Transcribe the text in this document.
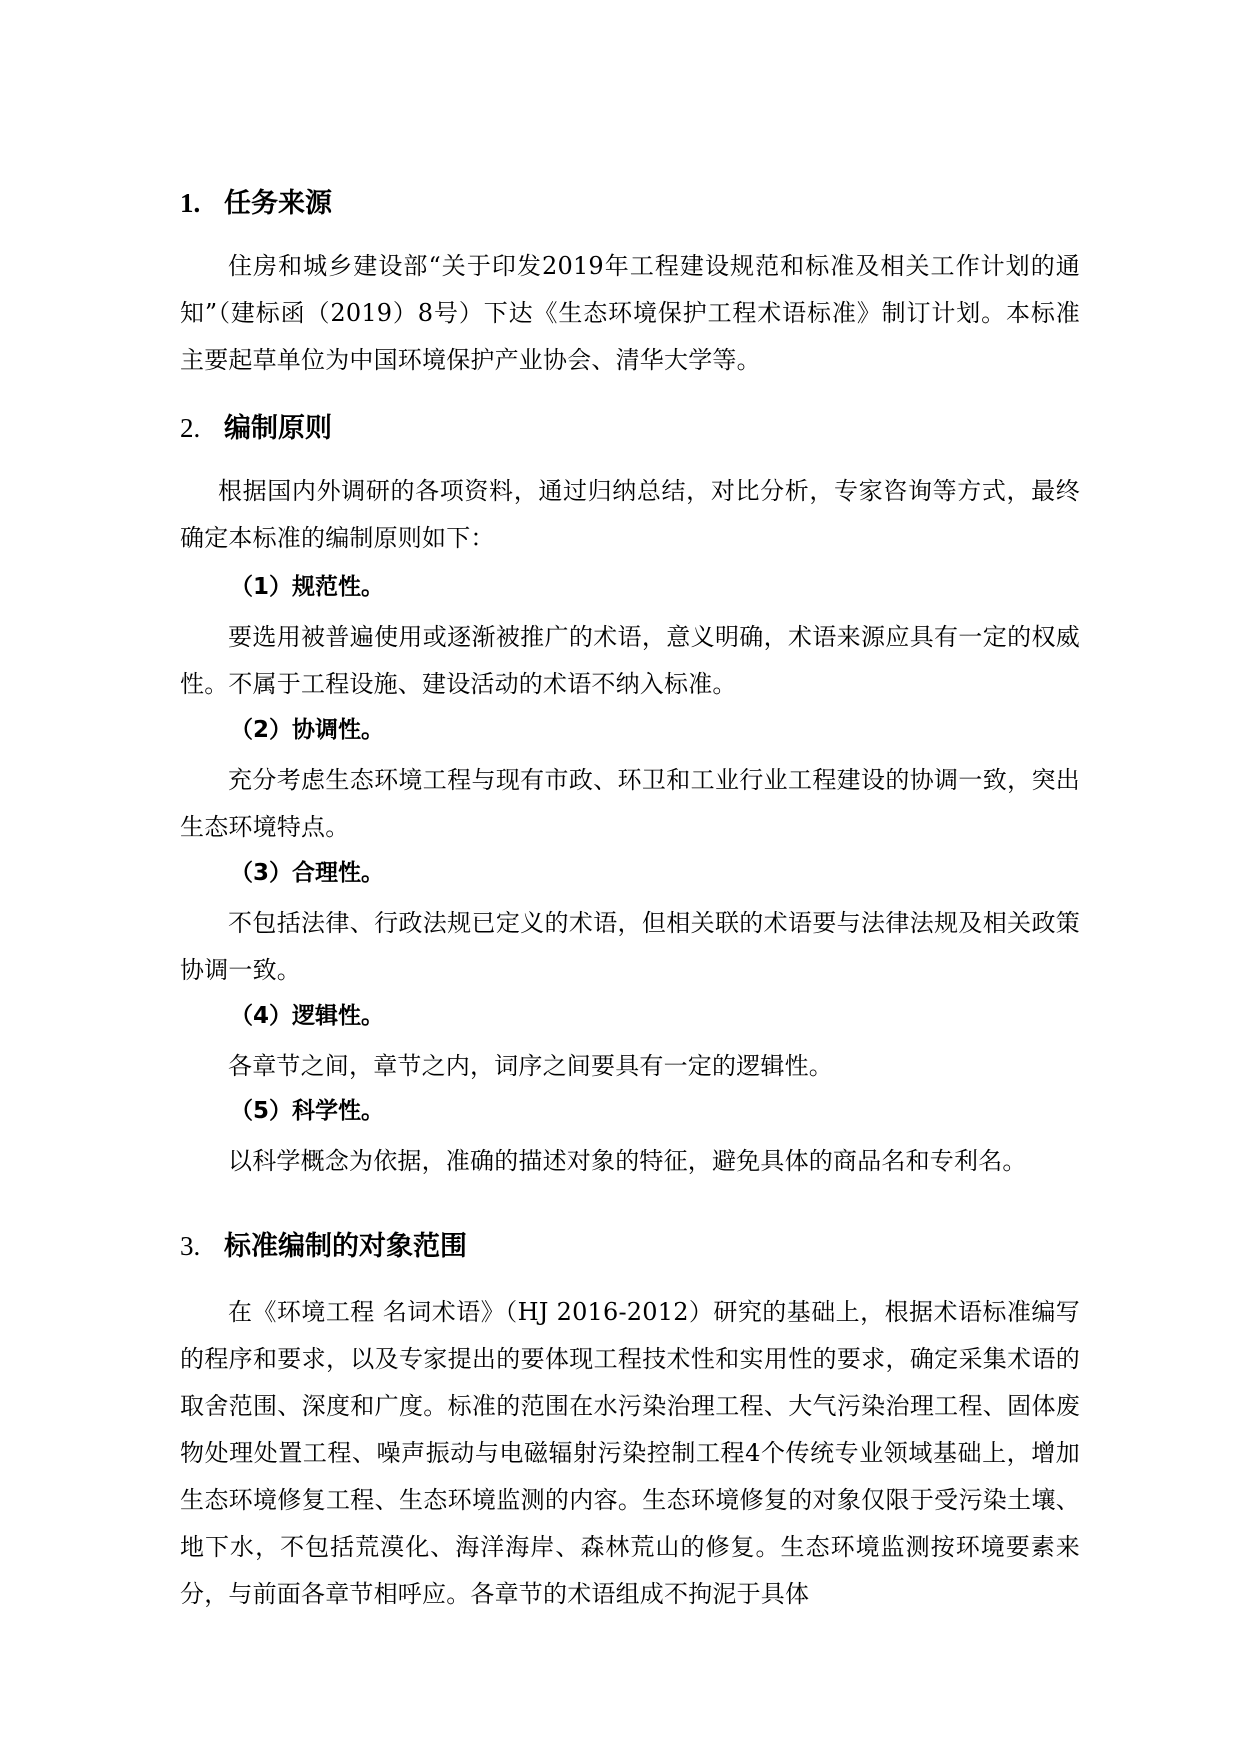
1. 任务来源

住房和城乡建设部“关于印发2019年工程建设规范和标准及相关工作计划的通知”（建标函（2019）8号）下达《生态环境保护工程术语标准》制订计划。本标准主要起草单位为中国环境保护产业协会、清华大学等。

2. 编制原则

根据国内外调研的各项资料，通过归纳总结，对比分析，专家咨询等方式，最终确定本标准的编制原则如下：

（1）规范性。

要选用被普遍使用或逐渐被推广的术语，意义明确，术语来源应具有一定的权威性。不属于工程设施、建设活动的术语不纳入标准。

（2）协调性。

充分考虑生态环境工程与现有市政、环卫和工业行业工程建设的协调一致，突出生态环境特点。

（3）合理性。

不包括法律、行政法规已定义的术语，但相关联的术语要与法律法规及相关政策协调一致。

（4）逻辑性。

各章节之间，章节之内，词序之间要具有一定的逻辑性。

（5）科学性。

以科学概念为依据，准确的描述对象的特征，避免具体的商品名和专利名。

3. 标准编制的对象范围

在《环境工程 名词术语》（HJ 2016-2012）研究的基础上，根据术语标准编写的程序和要求，以及专家提出的要体现工程技术性和实用性的要求，确定采集术语的取舍范围、深度和广度。标准的范围在水污染治理工程、大气污染治理工程、固体废物处理处置工程、噪声振动与电磁辐射污染控制工程4个传统专业领域基础上，增加生态环境修复工程、生态环境监测的内容。生态环境修复的对象仅限于受污染土壤、地下水，不包括荒漠化、海洋海岸、森林荒山的修复。生态环境监测按环境要素来分，与前面各章节相呼应。各章节的术语组成不拘泥于具体
